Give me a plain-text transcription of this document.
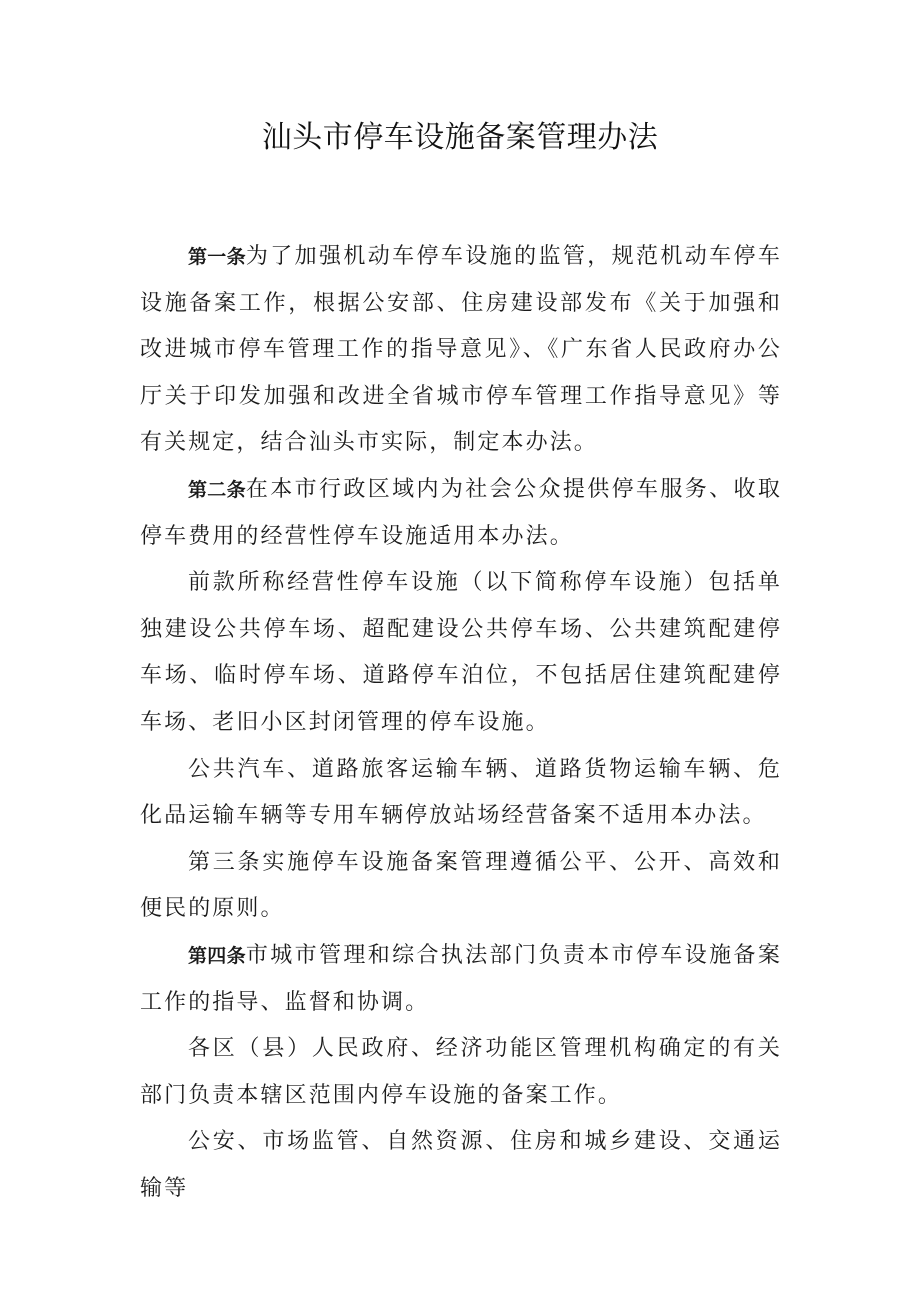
汕头市停车设施备案管理办法

第一条为了加强机动车停车设施的监管，规范机动车停车设施备案工作，根据公安部、住房建设部发布《关于加强和改进城市停车管理工作的指导意见》、《广东省人民政府办公厅关于印发加强和改进全省城市停车管理工作指导意见》等有关规定，结合汕头市实际，制定本办法。

第二条在本市行政区域内为社会公众提供停车服务、收取停车费用的经营性停车设施适用本办法。

前款所称经营性停车设施（以下简称停车设施）包括单独建设公共停车场、超配建设公共停车场、公共建筑配建停车场、临时停车场、道路停车泊位，不包括居住建筑配建停车场、老旧小区封闭管理的停车设施。

公共汽车、道路旅客运输车辆、道路货物运输车辆、危化品运输车辆等专用车辆停放站场经营备案不适用本办法。

第三条实施停车设施备案管理遵循公平、公开、高效和便民的原则。

第四条市城市管理和综合执法部门负责本市停车设施备案工作的指导、监督和协调。

各区（县）人民政府、经济功能区管理机构确定的有关部门负责本辖区范围内停车设施的备案工作。

公安、市场监管、自然资源、住房和城乡建设、交通运输等
